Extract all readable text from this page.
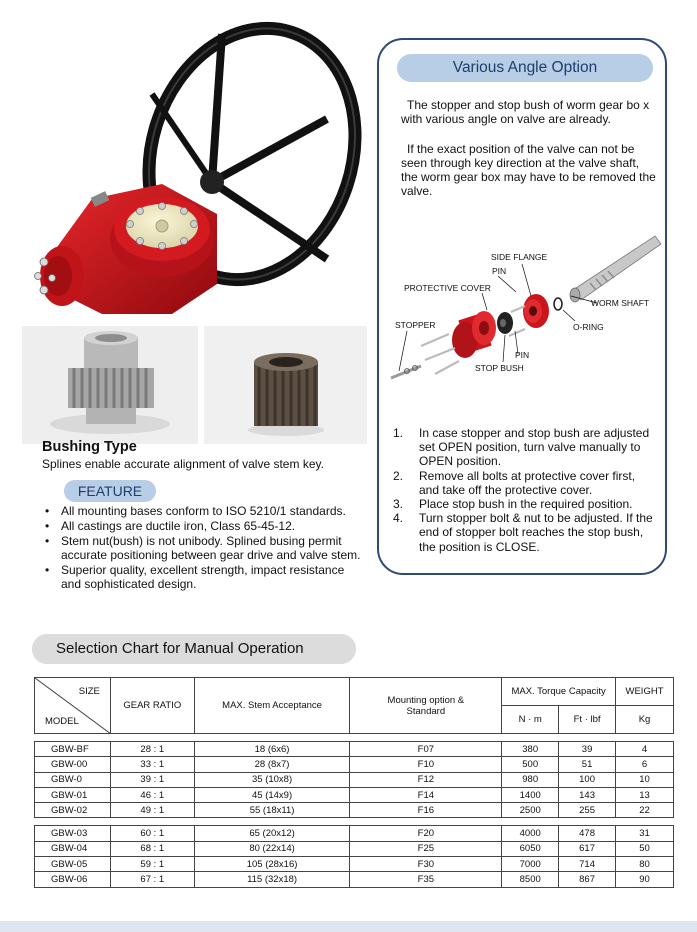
Bushing Type
Splines enable accurate alignment of valve stem key.
FEATURE
• All mounting bases conform to ISO 5210/1 standards.
• All castings are ductile iron, Class 65-45-12.
• Stem nut(bush) is not unibody. Splined busing permit accurate positioning between gear drive and valve stem.
• Superior quality, excellent strength, impact resistance and sophisticated design.
Various Angle Option
The stopper and stop bush of worm gear bo x with various angle on valve are already.
If the exact position of the valve can not be seen through key direction at the valve shaft, the worm gear box may have to be removed the valve.
SIDE FLANGE
PIN
PROTECTIVE COVER
WORM SHAFT
STOPPER	O-RING
PIN
STOP BUSH
1. In case stopper and stop bush are adjusted set OPEN position, turn valve manually to OPEN position.
2. Remove all bolts at protective cover first, and take off the protective cover.
3. Place stop bush in the required position.
4. Turn stopper bolt & nut to be adjusted. If the end of stopper bolt reaches the stop bush, the position is CLOSE.
Selection Chart for Manual Operation
SIZE
MODEL	GEAR RATIO	MAX. Stem Acceptance	Mounting option & Standard	MAX. Torque Capacity		WEIGHT
				N · m	Ft · lbf	Kg

GBW-BF	28 : 1	18 (6x6)	F07	380	39	4
GBW-00	33 : 1	28 (8x7)	F10	500	51	6
GBW-0	39 : 1	35 (10x8)	F12	980	100	10
GBW-01	46 : 1	45 (14x9)	F14	1400	143	13
GBW-02	49 : 1	55 (18x11)	F16	2500	255	22

GBW-03	60 : 1	65 (20x12)	F20	4000	478	31
GBW-04	68 : 1	80 (22x14)	F25	6050	617	50
GBW-05	59 : 1	105 (28x16)	F30	7000	714	80
GBW-06	67 : 1	115 (32x18)	F35	8500	867	90
